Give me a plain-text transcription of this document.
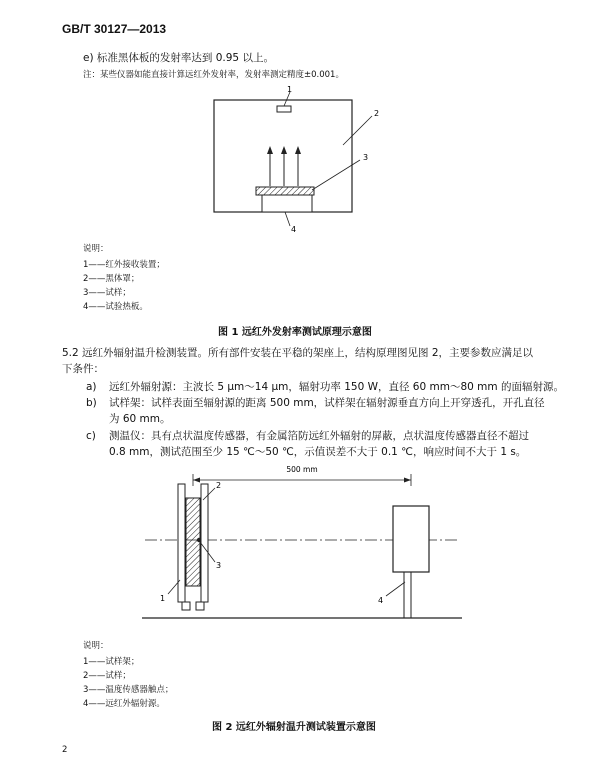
GB/T 30127—2013
e) 标准黑体板的发射率达到 0.95 以上。
注：某些仪器如能直接计算远红外发射率，发射率测定精度±0.001。
1
2
3
4
说明：
1——红外接收装置；
2——黑体罩；
3——试样；
4——试验热板。
图 1 远红外发射率测试原理示意图
5.2 远红外辐射温升检测装置。所有部件安装在平稳的架座上，结构原理图见图 2，主要参数应满足以
下条件：
a) 远红外辐射源：主波长 5 μm～14 μm，辐射功率 150 W，直径 60 mm～80 mm 的面辐射源。
b) 试样架：试样表面至辐射源的距离 500 mm，试样架在辐射源垂直方向上开穿透孔，开孔直径
为 60 mm。
c) 测温仪：具有点状温度传感器，有金属箔防远红外辐射的屏蔽，点状温度传感器直径不超过
0.8 mm，测试范围至少 15 ℃～50 ℃，示值误差不大于 0.1 ℃，响应时间不大于 1 s。
500 mm
2
3
1	4
说明：
1——试样架；
2——试样；
3——温度传感器触点；
4——远红外辐射源。
图 2 远红外辐射温升测试装置示意图
2
